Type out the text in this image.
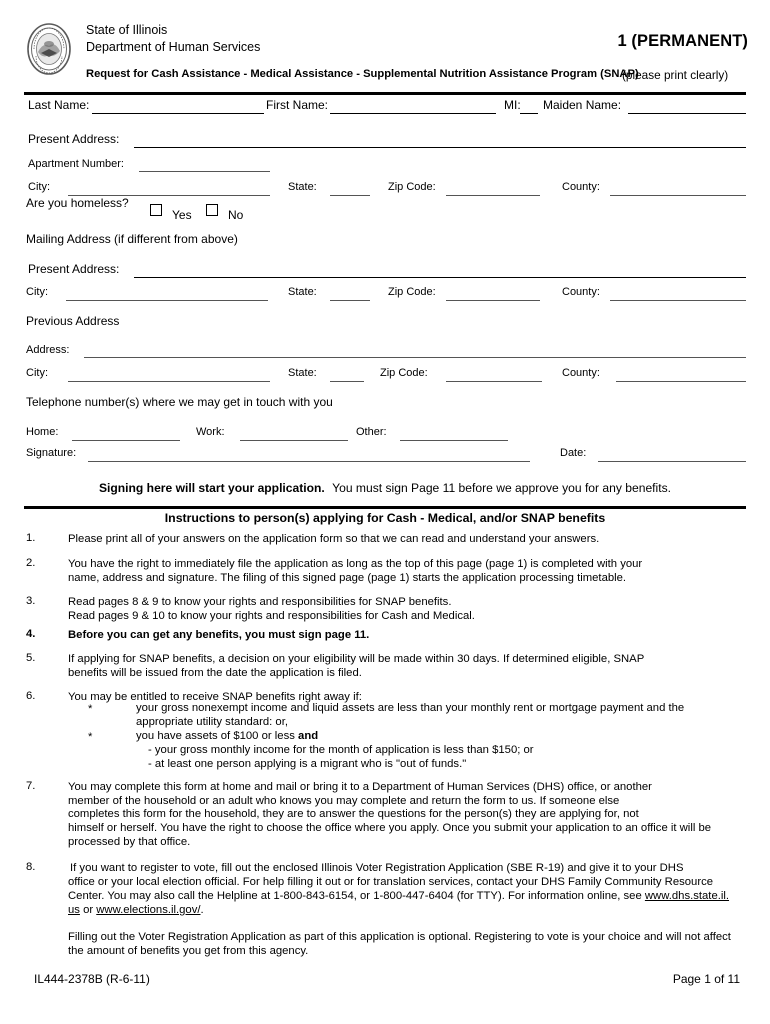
State of Illinois
Department of Human Services	1 (PERMANENT)
Request for Cash Assistance - Medical Assistance - Supplemental Nutrition Assistance Program (SNAP)
(please print clearly)
Last Name:	First Name:	MI: Maiden Name:
Present Address:
Apartment Number:
City:	State:	Zip Code:	County:
Are you homeless?
Yes	No
Mailing Address (if different from above)
Present Address:
City:	State:	Zip Code:	County:
Previous Address
Address:
City:	State:	Zip Code:	County:
Telephone number(s) where we may get in touch with you
Home:	Work:	Other:
Signature:	Date:
Signing here will start your application. You must sign Page 11 before we approve you for any benefits.
Instructions to person(s) applying for Cash - Medical, and/or SNAP benefits
1.	Please print all of your answers on the application form so that we can read and understand your answers.
2.	You have the right to immediately file the application as long as the top of this page (page 1) is completed with your
name, address and signature. The filing of this signed page (page 1) starts the application processing timetable.
3.	Read pages 8 & 9 to know your rights and responsibilities for SNAP benefits.
Read pages 9 & 10 to know your rights and responsibilities for Cash and Medical.
4.	Before you can get any benefits, you must sign page 11.
5.	If applying for SNAP benefits, a decision on your eligibility will be made within 30 days. If determined eligible, SNAP
benefits will be issued from the date the application is filed.
6.	You may be entitled to receive SNAP benefits right away if:
*	your gross nonexempt income and liquid assets are less than your monthly rent or mortgage payment and the
appropriate utility standard: or,
*	you have assets of $100 or less and
- your gross monthly income for the month of application is less than $150; or
- at least one person applying is a migrant who is "out of funds."
7.	You may complete this form at home and mail or bring it to a Department of Human Services (DHS) office, or another
member of the household or an adult who knows you may complete and return the form to us. If someone else
completes this form for the household, they are to answer the questions for the person(s) they are applying for, not
himself or herself. You have the right to choose the office where you apply. Once you submit your application to an office it will be
processed by that office.
8.	If you want to register to vote, fill out the enclosed Illinois Voter Registration Application (SBE R-19) and give it to your DHS
office or your local election official. For help filling it out or for translation services, contact your DHS Family Community Resource
Center. You may also call the Helpline at 1-800-843-6154, or 1-800-447-6404 (for TTY). For information online, see www.dhs.state.il.
us or www.elections.il.gov/.
Filling out the Voter Registration Application as part of this application is optional. Registering to vote is your choice and will not affect
the amount of benefits you get from this agency.
IL444-2378B (R-6-11)	Page 1 of 11
